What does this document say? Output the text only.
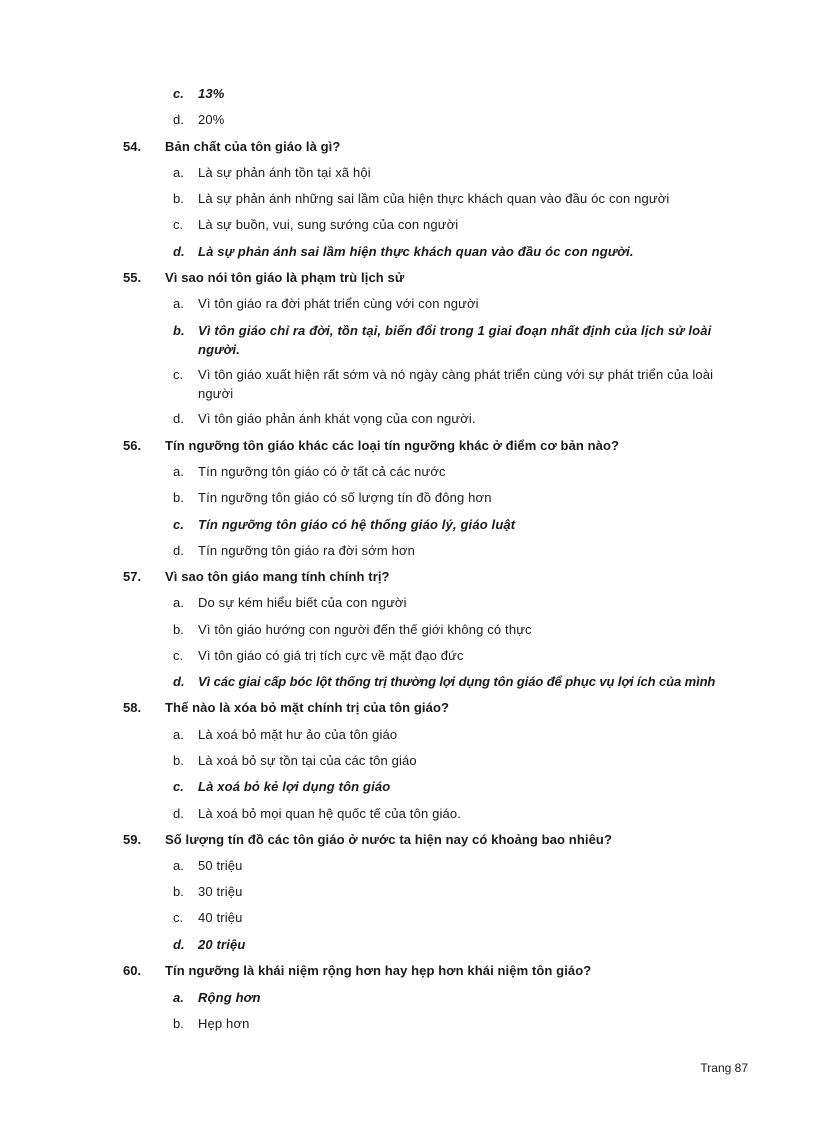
c.	13%
d.	20%
54. Bản chất của tôn giáo là gì?
a.	Là sự phản ánh tồn tại xã hội
b.	Là sự phản ánh những sai lầm của hiện thực khách quan vào đầu óc con người
c.	Là sự buồn, vui, sung sướng của con người
d.	Là sự phản ánh sai lầm hiện thực khách quan vào đầu óc con người.
55. Vì sao nói tôn giáo là phạm trù lịch sử
a.	Vì tôn giáo ra đời phát triển cùng với con người
b.	Vì tôn giáo chỉ ra đời, tồn tại, biến đổi trong 1 giai đoạn nhất định của lịch sử loài người.
c.	Vì tôn giáo xuất hiện rất sớm và nó ngày càng phát triển cùng với sự phát triển của loài người
d.	Vì tôn giáo phản ánh khát vọng của con người.
56. Tín ngưỡng tôn giáo khác các loại tín ngưỡng khác ở điểm cơ bản nào?
a.	Tín ngưỡng tôn giáo có ở tất cả các nước
b.	Tín ngưỡng tôn giáo có số lượng tín đồ đông hơn
c.	Tín ngưỡng tôn giáo có hệ thống giáo lý, giáo luật
d.	Tín ngưỡng tôn giáo ra đời sớm hơn
57. Vì sao tôn giáo mang tính chính trị?
a.	Do sự kém hiểu biết của con người
b.	Vì tôn giáo hướng con người đến thế giới không có thực
c.	Vì tôn giáo có giá trị tích cực về mặt đạo đức
d.	Vì các giai cấp bóc lột thống trị thường lợi dụng tôn giáo để phục vụ lợi ích của mình
58. Thế nào là xóa bỏ mặt chính trị của tôn giáo?
a.	Là xoá bỏ mặt hư ảo của tôn giáo
b.	Là xoá bỏ sự tồn tại của các tôn giáo
c.	Là xoá bỏ kẻ lợi dụng tôn giáo
d.	Là xoá bỏ mọi quan hệ quốc tế của tôn giáo.
59. Số lượng tín đồ các tôn giáo ở nước ta hiện nay có khoảng bao nhiêu?
a.	50 triệu
b.	30 triệu
c.	40 triệu
d.	20 triệu
60. Tín ngưỡng là khái niệm rộng hơn hay hẹp hơn khái niệm tôn giáo?
a.	Rộng hơn
b.	Hẹp hơn
Trang 87
